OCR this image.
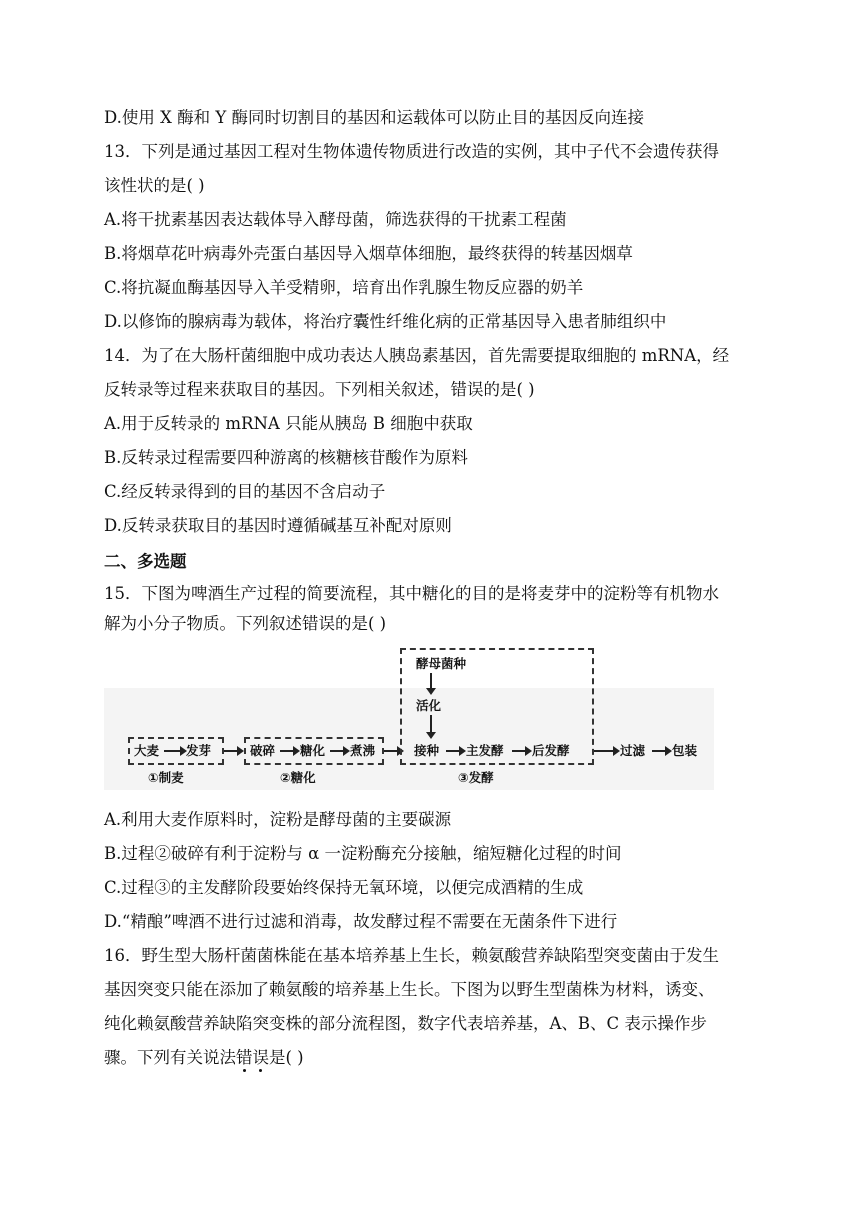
D.使用 X 酶和 Y 酶同时切割目的基因和运载体可以防止目的基因反向连接
13．下列是通过基因工程对生物体遗传物质进行改造的实例，其中子代不会遗传获得
该性状的是( )
A.将干扰素基因表达载体导入酵母菌，筛选获得的干扰素工程菌
B.将烟草花叶病毒外壳蛋白基因导入烟草体细胞，最终获得的转基因烟草
C.将抗凝血酶基因导入羊受精卵，培育出作乳腺生物反应器的奶羊
D.以修饰的腺病毒为载体，将治疗囊性纤维化病的正常基因导入患者肺组织中
14．为了在大肠杆菌细胞中成功表达人胰岛素基因，首先需要提取细胞的 mRNA，经
反转录等过程来获取目的基因。下列相关叙述，错误的是( )
A.用于反转录的 mRNA 只能从胰岛 B 细胞中获取
B.反转录过程需要四种游离的核糖核苷酸作为原料
C.经反转录得到的目的基因不含启动子
D.反转录获取目的基因时遵循碱基互补配对原则
二、多选题
15．下图为啤酒生产过程的简要流程，其中糖化的目的是将麦芽中的淀粉等有机物水
解为小分子物质。下列叙述错误的是( )
大麦 发芽
①制麦
破碎 糖化 煮沸
②糖化
酵母菌种
活化
接种 主发酵 后发酵
③发酵
过滤 包装
A.利用大麦作原料时，淀粉是酵母菌的主要碳源
B.过程②破碎有利于淀粉与 α 一淀粉酶充分接触，缩短糖化过程的时间
C.过程③的主发酵阶段要始终保持无氧环境，以便完成酒精的生成
D.“精酿”啤酒不进行过滤和消毒，故发酵过程不需要在无菌条件下进行
16．野生型大肠杆菌菌株能在基本培养基上生长，赖氨酸营养缺陷型突变菌由于发生
基因突变只能在添加了赖氨酸的培养基上生长。下图为以野生型菌株为材料，诱变、
纯化赖氨酸营养缺陷突变株的部分流程图，数字代表培养基，A、B、C 表示操作步
骤。下列有关说法错误是( )
